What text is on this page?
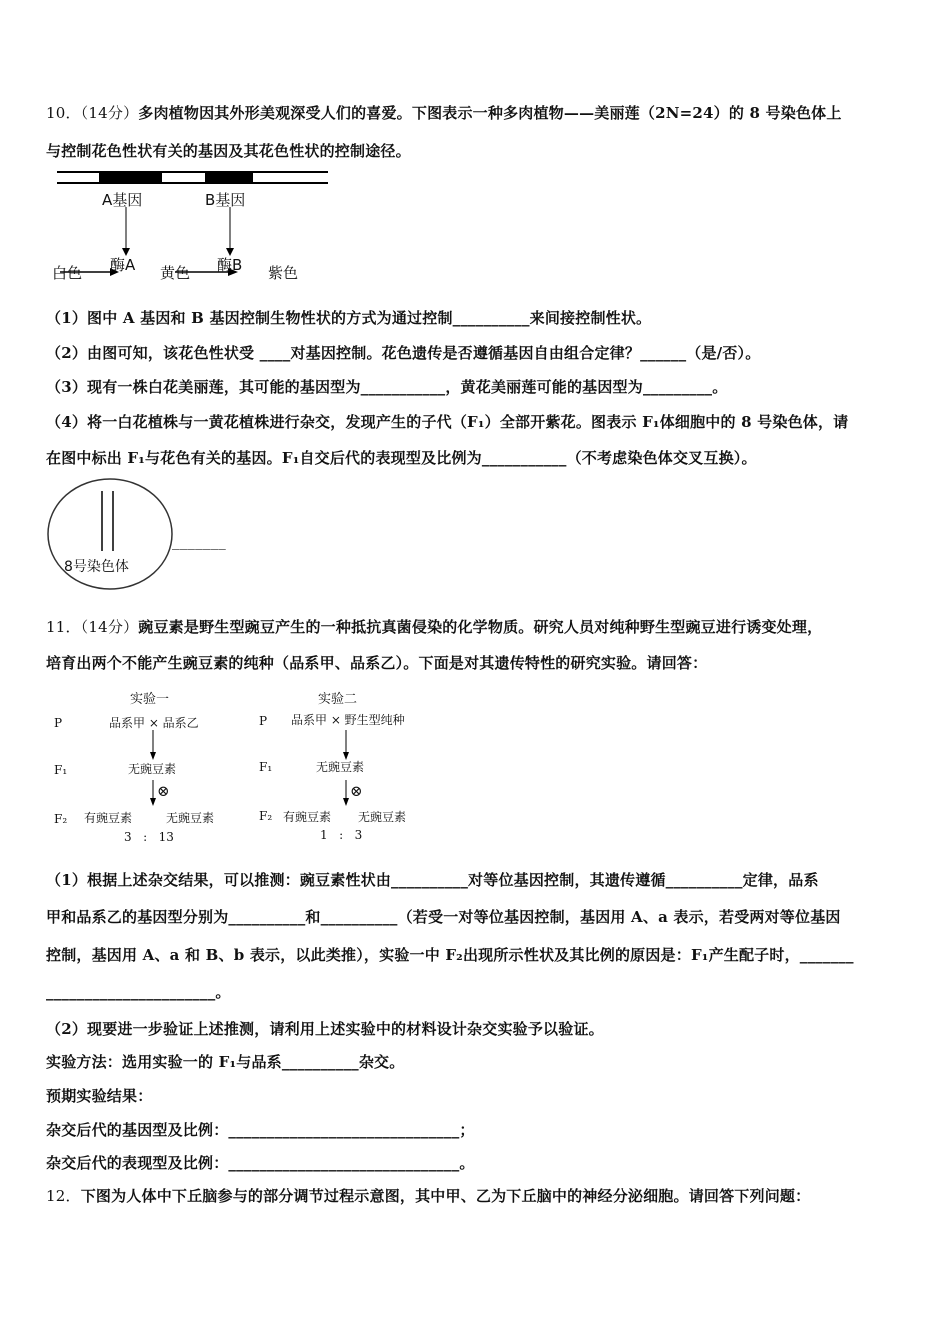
10．（14分）多肉植物因其外形美观深受人们的喜爱。下图表示一种多肉植物——美丽莲（2N=24）的 8 号染色体上
与控制花色性状有关的基因及其花色性状的控制途径。
A基因	B基因
白色 酶A 黄色 酶B 紫色
（1）图中 A 基因和 B 基因控制生物性状的方式为通过控制__________来间接控制性状。
（2）由图可知，该花色性状受 ____对基因控制。花色遗传是否遵循基因自由组合定律？______（是/否）。
（3）现有一株白花美丽莲，其可能的基因型为___________，黄花美丽莲可能的基因型为_________。
（4）将一白花植株与一黄花植株进行杂交，发现产生的子代（F₁）全部开紫花。图表示 F₁体细胞中的 8 号染色体，请
在图中标出 F₁与花色有关的基因。F₁自交后代的表现型及比例为___________（不考虑染色体交叉互换）。
8号染色体
_______
11．（14分）豌豆素是野生型豌豆产生的一种抵抗真菌侵染的化学物质。研究人员对纯种野生型豌豆进行诱变处理，
培育出两个不能产生豌豆素的纯种（品系甲、品系乙）。下面是对其遗传特性的研究实验。请回答：
实验一
P	品系甲 × 品系乙
F₁	无豌豆素
⊗
F₂ 有豌豆素	无豌豆素
3   :   13
实验二
P 品系甲 × 野生型纯种
F₁	无豌豆素
⊗
F₂ 有豌豆素 无豌豆素
1   :   3
（1）根据上述杂交结果，可以推测：豌豆素性状由__________对等位基因控制，其遗传遵循__________定律，品系
甲和品系乙的基因型分别为__________和__________（若受一对等位基因控制，基因用 A、a 表示，若受两对等位基因
控制，基因用 A、a 和 B、b 表示，以此类推），实验一中 F₂出现所示性状及其比例的原因是：F₁产生配子时，_______
______________________。
（2）现要进一步验证上述推测，请利用上述实验中的材料设计杂交实验予以验证。
实验方法：选用实验一的 F₁与品系__________杂交。
预期实验结果：
杂交后代的基因型及比例：______________________________；
杂交后代的表现型及比例：______________________________。
12．下图为人体中下丘脑参与的部分调节过程示意图，其中甲、乙为下丘脑中的神经分泌细胞。请回答下列问题：
